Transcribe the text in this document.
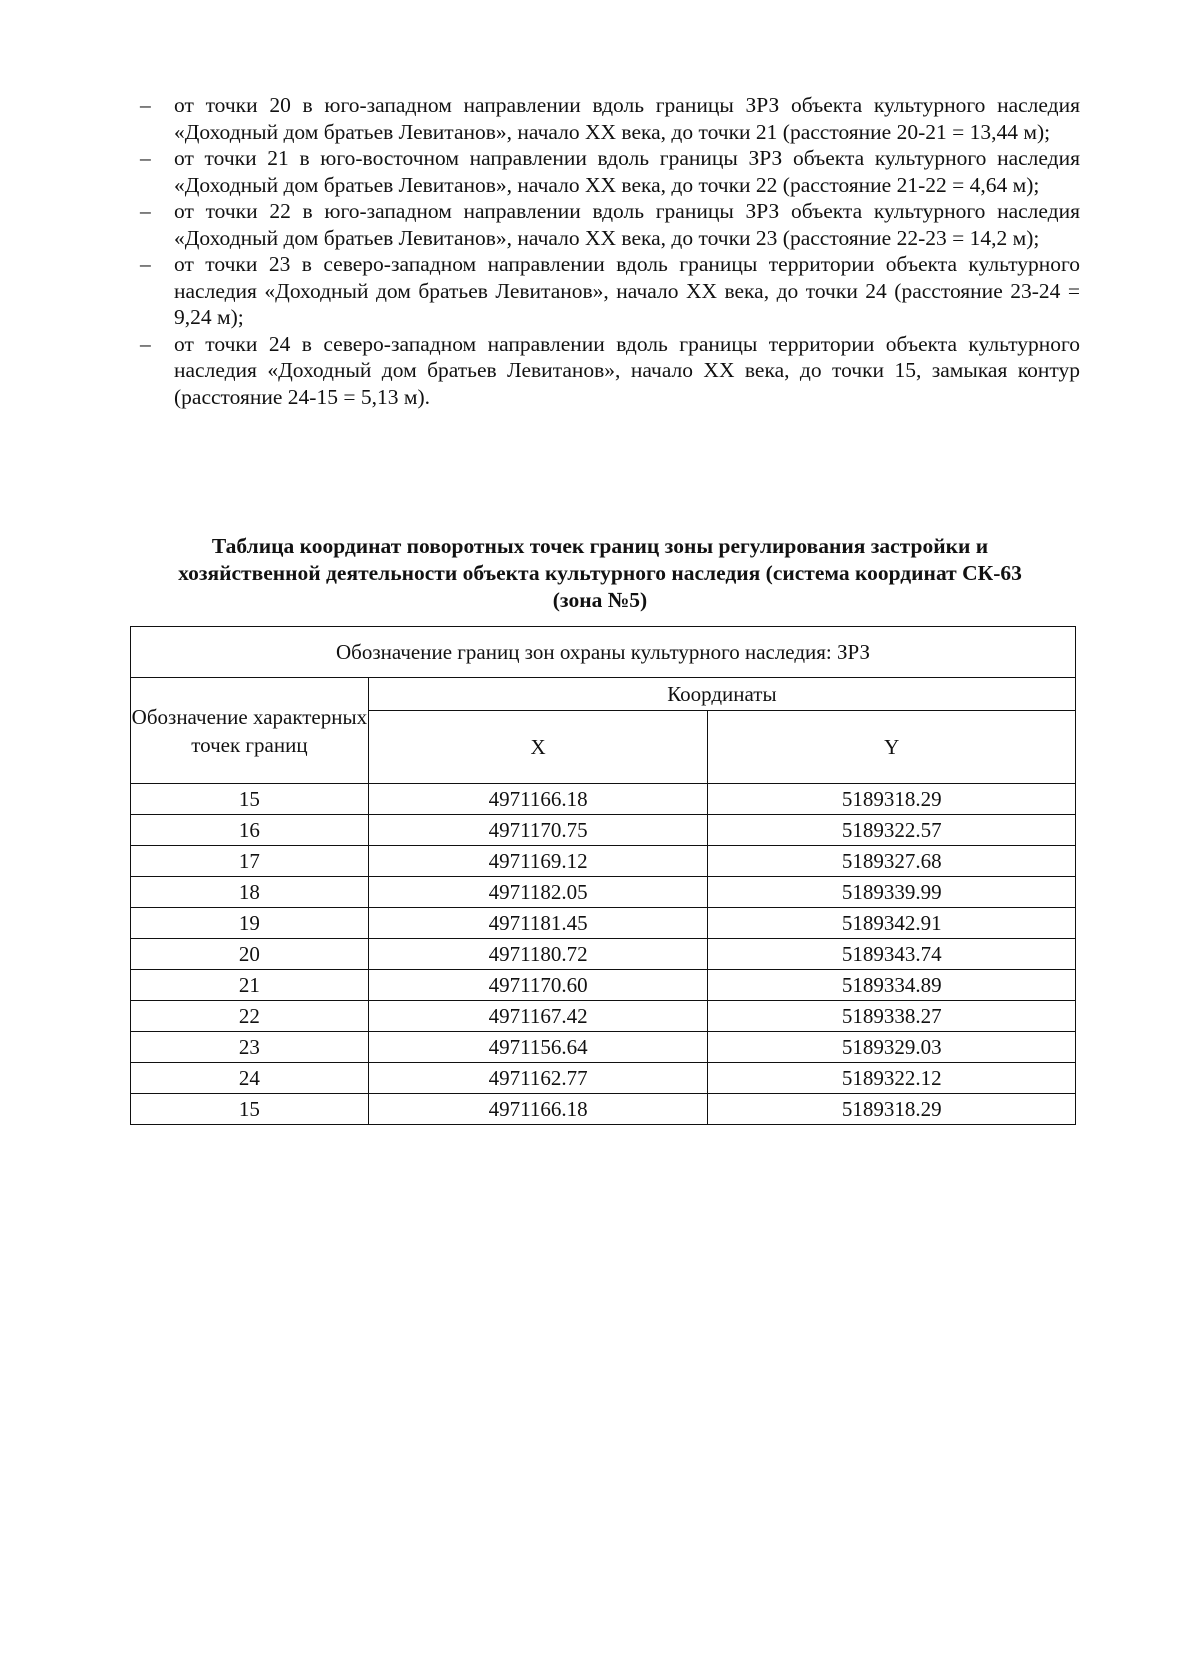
– от точки 20 в юго-западном направлении вдоль границы ЗРЗ объекта культурного наследия «Доходный дом братьев Левитанов», начало XX века, до точки 21 (расстояние 20-21 = 13,44 м);
– от точки 21 в юго-восточном направлении вдоль границы ЗРЗ объекта культурного наследия «Доходный дом братьев Левитанов», начало XX века, до точки 22 (расстояние 21-22 = 4,64 м);
– от точки 22 в юго-западном направлении вдоль границы ЗРЗ объекта культурного наследия «Доходный дом братьев Левитанов», начало XX века, до точки 23 (расстояние 22-23 = 14,2 м);
– от точки 23 в северо-западном направлении вдоль границы территории объекта культурного наследия «Доходный дом братьев Левитанов», начало XX века, до точки 24 (расстояние 23-24 = 9,24 м);
– от точки 24 в северо-западном направлении вдоль границы территории объекта культурного наследия «Доходный дом братьев Левитанов», начало XX века, до точки 15, замыкая контур (расстояние 24-15 = 5,13 м).
Таблица координат поворотных точек границ зоны регулирования застройки и
хозяйственной деятельности объекта культурного наследия (система координат СК-63
(зона №5)
Обозначение границ зон охраны культурного наследия: ЗРЗ		
Обозначение характерных точек границ	Координаты	
	X	Y
15	4971166.18	5189318.29
16	4971170.75	5189322.57
17	4971169.12	5189327.68
18	4971182.05	5189339.99
19	4971181.45	5189342.91
20	4971180.72	5189343.74
21	4971170.60	5189334.89
22	4971167.42	5189338.27
23	4971156.64	5189329.03
24	4971162.77	5189322.12
15	4971166.18	5189318.29
